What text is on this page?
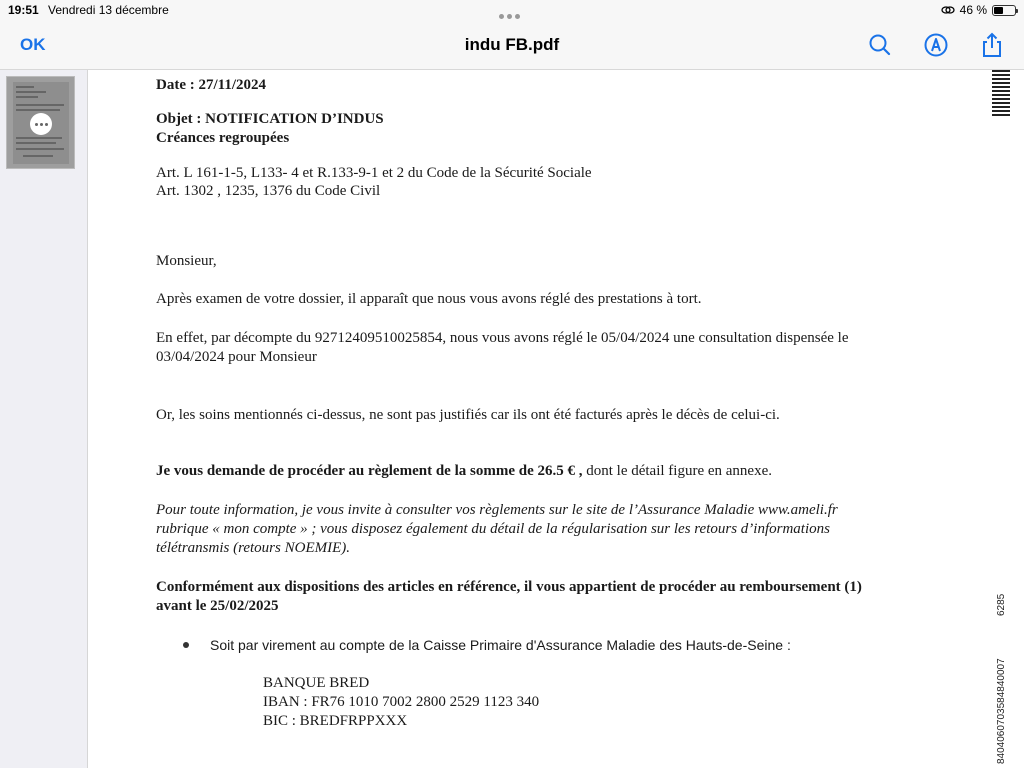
19:51 Vendredi 13 décembre	46 %
OK	indu FB.pdf

Date : 27/11/2024

Objet : NOTIFICATION D’INDUS

Créances regroupées

Art. L 161-1-5, L133- 4 et R.133-9-1 et 2 du Code de la Sécurité Sociale

Art. 1302 , 1235, 1376 du Code Civil

Monsieur,

Après examen de votre dossier, il apparaît que nous vous avons réglé des prestations à tort.

En effet, par décompte du 92712409510025854, nous vous avons réglé le 05/04/2024 une consultation dispensée le

03/04/2024 pour Monsieur

Or, les soins mentionnés ci-dessus, ne sont pas justifiés car ils ont été facturés après le décès de celui-ci.

Je vous demande de procéder au règlement de la somme de 26.5 € , dont le détail figure en annexe.

Pour toute information, je vous invite à consulter vos règlements sur le site de l’Assurance Maladie www.ameli.fr

rubrique « mon compte » ; vous disposez également du détail de la régularisation sur les retours d’informations

télétransmis (retours NOEMIE).

Conformément aux dispositions des articles en référence, il vous appartient de procéder au remboursement (1)

avant le 25/02/2025

Soit par virement au compte de la Caisse Primaire d'Assurance Maladie des Hauts-de-Seine :

BANQUE BRED

IBAN : FR76 1010 7002 2800 2529 1123 340

BIC : BREDFRPPXXX

6285
8404060703584840007
